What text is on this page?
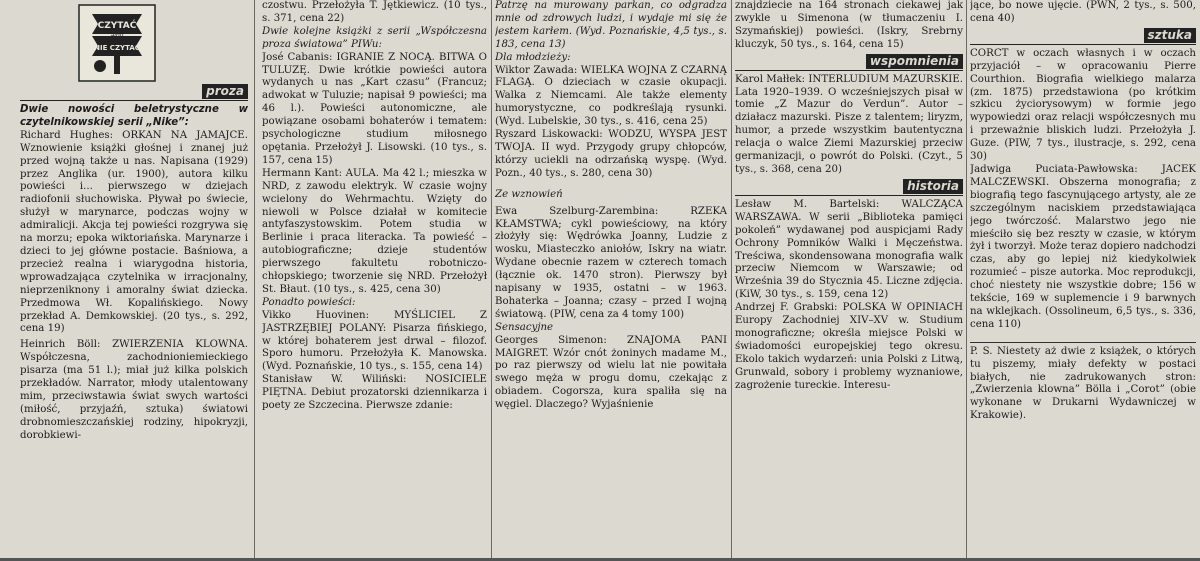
CZYTAĆ
albo
NIE CZYTAĆ
proza

Dwie nowości beletrystyczne w czytelnikowskiej serii „Nike”:

Richard Hughes: ORKAN NA JAMAJCE. Wznowienie książki głośnej i znanej już przed wojną także u nas. Napisana (1929) przez Anglika (ur. 1900), autora kilku powieści i... pierwszego w dziejach radiofonii słuchowiska. Pływał po świecie, służył w marynarce, podczas wojny w admiralicji. Akcja tej powieści rozgrywa się na morzu; epoka wiktoriańska. Marynarze i dzieci to jej główne postacie. Baśniowa, a przecież realna i wiarygodna historia, wprowadzająca czytelnika w irracjonalny, nieprzeniknony i amoralny świat dziecka. Przedmowa Wł. Kopalińskiego. Nowy przekład A. Demkowskiej. (20 tys., s. 292, cena 19)

Heinrich Böll: ZWIERZENIA KLOWNA. Współczesna, zachodnioniemieckiego pisarza (ma 51 l.); miał już kilka polskich przekładów. Narrator, młody utalentowany mim, przeciwstawia świat swych wartości (miłość, przyjaźń, sztuka) światowi drobnomieszczańskiej rodziny, hipokryzji, dorobkiewi-

czostwu. Przełożyła T. Jętkiewicz. (10 tys., s. 371, cena 22)

Dwie kolejne książki z serii „Współczesna proza światowa” PIWu:

José Cabanis: IGRANIE Z NOCĄ. BITWA O TULUZĘ. Dwie krótkie powieści autora wydanych u nas „Kart czasu” (Francuz; adwokat w Tuluzie; napisał 9 powieści; ma 46 l.). Powieści autonomiczne, ale powiązane osobami bohaterów i tematem: psychologiczne studium miłosnego opętania. Przełożył J. Lisowski. (10 tys., s. 157, cena 15)

Hermann Kant: AULA. Ma 42 l.; mieszka w NRD, z zawodu elektryk. W czasie wojny wcielony do Wehrmachtu. Wzięty do niewoli w Polsce działał w komitecie antyfaszystowskim. Potem studia w Berlinie i praca literacka. Ta powieść – autobiograficzne; dzieje studentów pierwszego fakultetu robotniczo-chłopskiego; tworzenie się NRD. Przełożył St. Błaut. (10 tys., s. 425, cena 30)

Ponadto powieści:

Vikko Huovinen: MYŚLICIEL Z JASTRZĘBIEJ POLANY: Pisarza fińskiego, w której bohaterem jest drwal – filozof. Sporo humoru. Przełożyła K. Manowska. (Wyd. Poznańskie, 10 tys., s. 155, cena 14)

Stanisław W. Wiliński: NOSICIELE PIĘTNA. Debiut prozatorski dziennikarza i poety ze Szczecina. Pierwsze zdanie:

Patrzę na murowany parkan, co odgradza mnie od zdrowych ludzi, i wydaje mi się że jestem karłem. (Wyd. Poznańskie, 4,5 tys., s. 183, cena 13)

Dla młodzieży:

Wiktor Zawada: WIELKA WOJNA Z CZARNĄ FLAGĄ. O dzieciach w czasie okupacji. Walka z Niemcami. Ale także elementy humorystyczne, co podkreślają rysunki. (Wyd. Lubelskie, 30 tys., s. 416, cena 25)

Ryszard Liskowacki: WODZU, WYSPA JEST TWOJA. II wyd. Przygody grupy chłopców, którzy uciekli na odrzańską wyspę. (Wyd. Pozn., 40 tys., s. 280, cena 30)

Ze wznowień

Ewa Szelburg-Zarembina: RZEKA KŁAMSTWA; cykl powieściowy, na który złożyły się: Wędrówka Joanny, Ludzie z wosku, Miasteczko aniołów, Iskry na wiatr. Wydane obecnie razem w czterech tomach (łącznie ok. 1470 stron). Pierwszy był napisany w 1935, ostatni – w 1963. Bohaterka – Joanna; czasy – przed I wojną światową. (PIW, cena za 4 tomy 100)

Sensacyjne

Georges Simenon: ZNAJOMA PANI MAIGRET. Wzór cnót żoninych madame M., po raz pierwszy od wielu lat nie powitała swego męża w progu domu, czekając z obiadem. Cogorsza, kura spaliła się na węgiel. Dlaczego? Wyjaśnienie

znajdziecie na 164 stronach ciekawej jak zwykle u Simenona (w tłumaczeniu I. Szymańskiej) powieści. (Iskry, Srebrny kluczyk, 50 tys., s. 164, cena 15)

wspomnienia

Karol Małłek: INTERLUDIUM MAZURSKIE. Lata 1920–1939. O wcześniejszych pisał w tomie „Z Mazur do Verdun”. Autor – działacz mazurski. Pisze z talentem; liryzm, humor, a przede wszystkim bautentyczna relacja o walce Ziemi Mazurskiej przeciw germanizacji, o powrót do Polski. (Czyt., 5 tys., s. 368, cena 20)

historia

Lesław M. Bartelski: WALCZĄCA WARSZAWA. W serii „Biblioteka pamięci pokoleń” wydawanej pod auspicjami Rady Ochrony Pomników Walki i Męczeństwa. Treściwa, skondensowana monografia walk przeciw Niemcom w Warszawie; od Września 39 do Stycznia 45. Liczne zdjęcia. (KiW, 30 tys., s. 159, cena 12)

Andrzej F. Grabski: POLSKA W OPINIACH Europy Zachodniej XIV–XV w. Studium monograficzne; określa miejsce Polski w świadomości europejskiej tego okresu. Ekolo takich wydarzeń: unia Polski z Litwą, Grunwald, sobory i problemy wyznaniowe, zagrożenie tureckie. Interesu-

jące, bo nowe ujęcie. (PWN, 2 tys., s. 500, cena 40)

sztuka

CORCT w oczach własnych i w oczach przyjaciół – w opracowaniu Pierre Courthion. Biografia wielkiego malarza (zm. 1875) przedstawiona (po krótkim szkicu życiorysowym) w formie jego wypowiedzi oraz relacji współczesnych mu i przeważnie bliskich ludzi. Przełożyła J. Guze. (PIW, 7 tys., ilustracje, s. 292, cena 30)

Jadwiga Puciata-Pawłowska: JACEK MALCZEWSKI. Obszerna monografia; z biografią tego fascynującego artysty, ale ze szczególnym naciskiem przedstawiająca jego twórczość. Malarstwo jego nie mieściło się bez reszty w czasie, w którym żył i tworzył. Może teraz dopiero nadchodzi czas, aby go lepiej niż kiedykolwiek rozumieć – pisze autorka. Moc reprodukcji, choć niestety nie wszystkie dobre; 156 w tekście, 169 w suplemencie i 9 barwnych na wklejkach. (Ossolineum, 6,5 tys., s. 336, cena 110)

P. S. Niestety aż dwie z książek, o których tu piszemy, miały defekty w postaci białych, nie zadrukowanych stron: „Zwierzenia klowna” Bölla i „Corot” (obie wykonane w Drukarni Wydawniczej w Krakowie).
